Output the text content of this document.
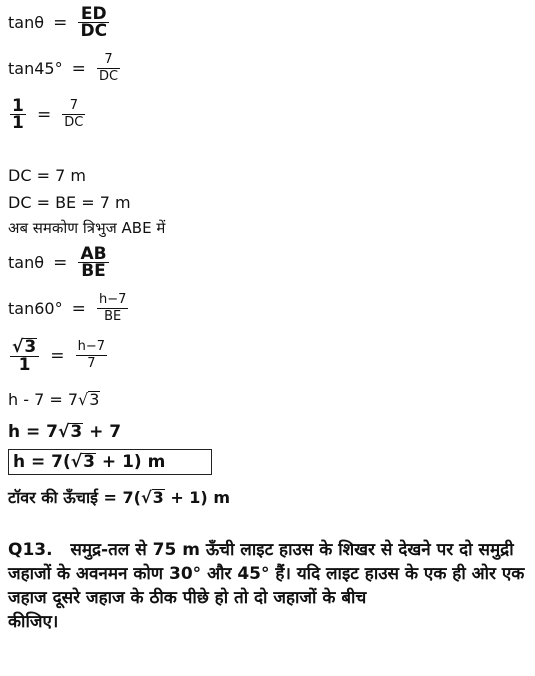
$\tan\theta = \frac{ED}{DC}$
$\tan 45^\circ = \frac{7}{DC}$
$\frac{1}{1} = \frac{7}{DC}$
DC = 7 m
DC = BE = 7 m
अब समकोण त्रिभुज ABE में
$\tan\theta = \frac{AB}{BE}$
$\tan 60^\circ = \frac{h-7}{BE}$
$\frac{√3}{1} = \frac{h-7}{7}$
h - 7 = 7√3
h = 7√3 + 7
h = 7(√3 + 1) m
टॉवर की ऊँचाई = 7(√3 + 1) m
Q13. समुद्र-तल से 75 m ऊँची लाइट हाउस के शिखर से देखने पर दो समुद्री जहाजों के अवनमन कोण 30° और 45° हैं। यदि लाइट हाउस के एक ही ओर एक जहाज दूसरे जहाज के ठीक पीछे हो तो दो जहाजों के बीच
कीजिए।
